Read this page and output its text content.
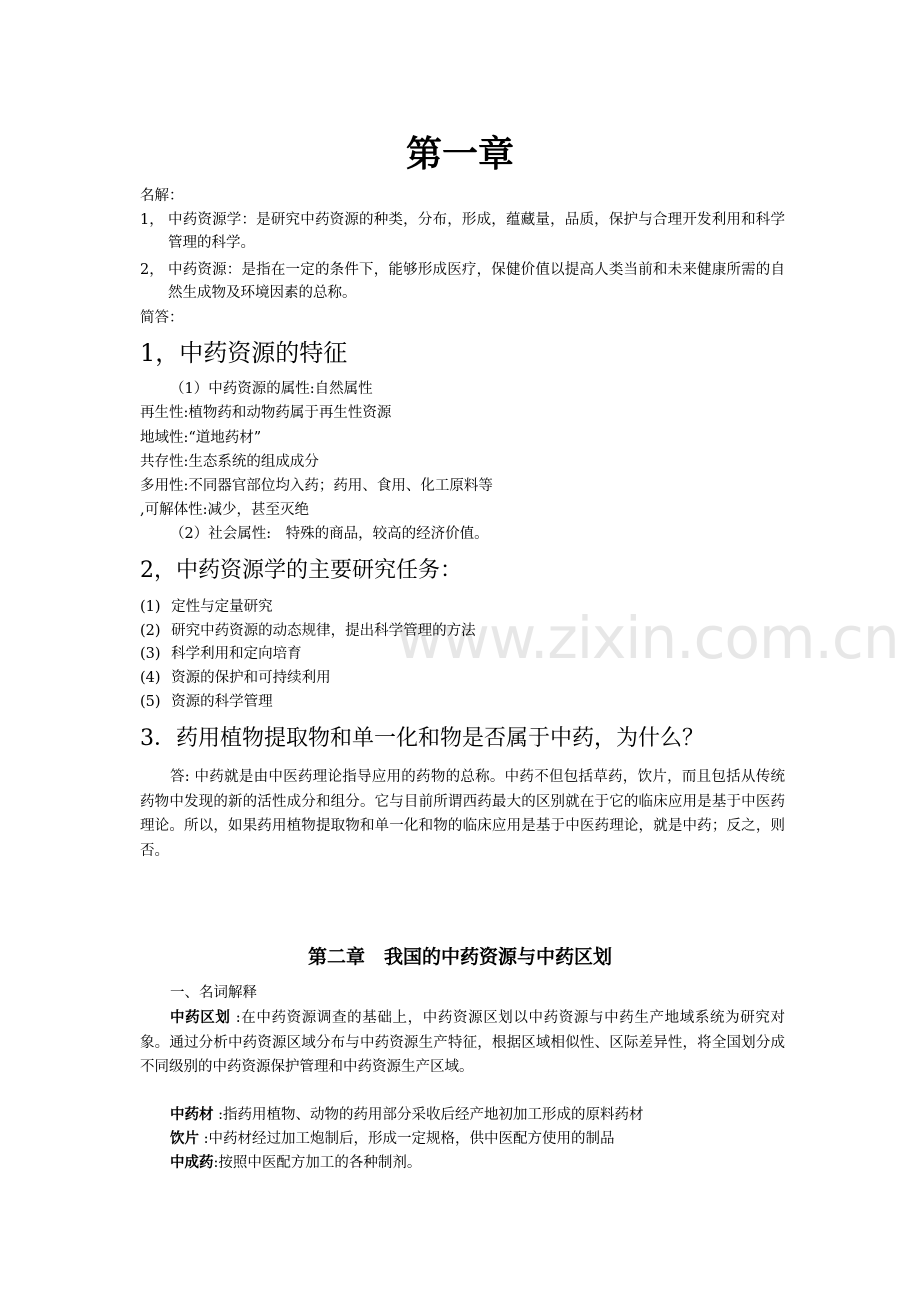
www.zixin.com.cn
第一章
名解：
1， 中药资源学：是研究中药资源的种类，分布，形成，蕴藏量，品质，保护与合理开发利用和科学管理的科学。
2， 中药资源：是指在一定的条件下，能够形成医疗，保健价值以提高人类当前和未来健康所需的自然生成物及环境因素的总称。
简答：
1，中药资源的特征
（1）中药资源的属性:自然属性
再生性:植物药和动物药属于再生性资源
地域性:“道地药材”
共存性:生态系统的组成成分
多用性:不同器官部位均入药；药用、食用、化工原料等
,可解体性:减少，甚至灭绝
（2）社会属性:　特殊的商品，较高的经济价值。
2，中药资源学的主要研究任务：
(1) 定性与定量研究
(2) 研究中药资源的动态规律，提出科学管理的方法
(3) 科学利用和定向培育
(4) 资源的保护和可持续利用
(5) 资源的科学管理
3．药用植物提取物和单一化和物是否属于中药，为什么？
答: 中药就是由中医药理论指导应用的药物的总称。中药不但包括草药，饮片，而且包括从传统药物中发现的新的活性成分和组分。它与目前所谓西药最大的区别就在于它的临床应用是基于中医药理论。所以，如果药用植物提取物和单一化和物的临床应用是基于中医药理论，就是中药；反之，则否。
第二章　我国的中药资源与中药区划
一、名词解释
中药区划 :在中药资源调查的基础上，中药资源区划以中药资源与中药生产地域系统为研究对象。通过分析中药资源区域分布与中药资源生产特征，根据区域相似性、区际差异性，将全国划分成不同级别的中药资源保护管理和中药资源生产区域。
中药材 :指药用植物、动物的药用部分采收后经产地初加工形成的原料药材
饮片 :中药材经过加工炮制后，形成一定规格，供中医配方使用的制品
中成药:按照中医配方加工的各种制剂。
